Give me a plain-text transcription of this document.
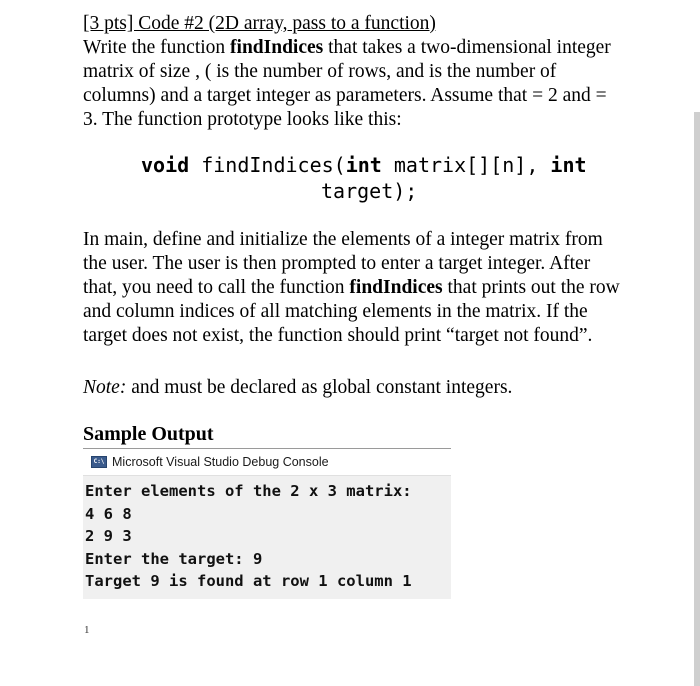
[3 pts] Code #2 (2D array, pass to a function)

Write the function findIndices that takes a two-dimensional integer matrix of size , ( is the number of rows, and is the number of columns) and a target integer as parameters. Assume that = 2 and = 3. The function prototype looks like this:

void findIndices(int matrix[][n], int
target);

In main, define and initialize the elements of a integer matrix from the user. The user is then prompted to enter a target integer. After that, you need to call the function findIndices that prints out the row and column indices of all matching elements in the matrix. If the target does not exist, the function should print “target not found”.

Note: and must be declared as global constant integers.

Sample Output
C:\ Microsoft Visual Studio Debug Console
Enter elements of the 2 x 3 matrix:
4 6 8
2 9 3
Enter the target: 9
Target 9 is found at row 1 column 1
1
